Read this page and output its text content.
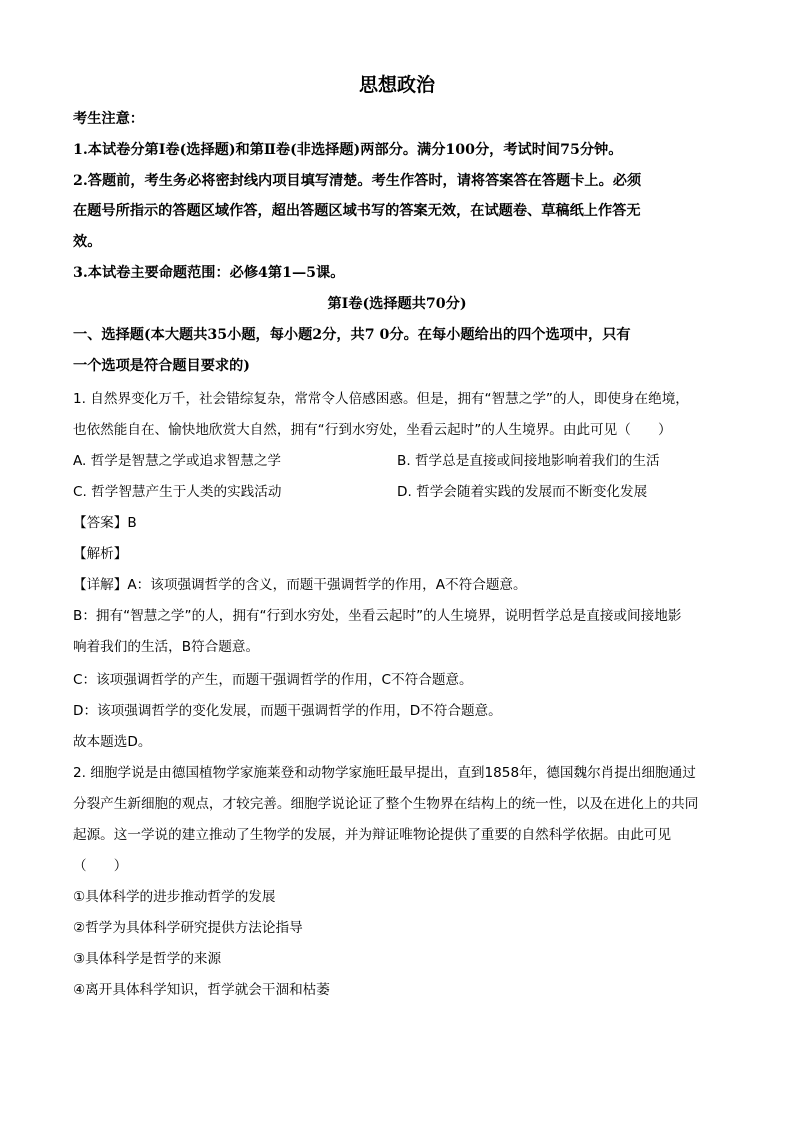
思想政治
考生注意：
1.本试卷分第Ⅰ卷(选择题)和第Ⅱ卷(非选择题)两部分。满分100分，考试时间75分钟。
2.答题前，考生务必将密封线内项目填写清楚。考生作答时，请将答案答在答题卡上。必须
在题号所指示的答题区域作答，超出答题区域书写的答案无效，在试题卷、草稿纸上作答无
效。
3.本试卷主要命题范围：必修4第1—5课。
第Ⅰ卷(选择题共70分)
一、选择题(本大题共35小题，每小题2分，共7 0分。在每小题给出的四个选项中，只有
一个选项是符合题目要求的)
1. 自然界变化万千，社会错综复杂，常常令人倍感困惑。但是，拥有“智慧之学”的人，即使身在绝境，
也依然能自在、愉快地欣赏大自然，拥有“行到水穷处，坐看云起时”的人生境界。由此可见（　　）
A. 哲学是智慧之学或追求智慧之学	B. 哲学总是直接或间接地影响着我们的生活
C. 哲学智慧产生于人类的实践活动	D. 哲学会随着实践的发展而不断变化发展
【答案】B
【解析】
【详解】A：该项强调哲学的含义，而题干强调哲学的作用，A不符合题意。
B：拥有“智慧之学”的人，拥有“行到水穷处，坐看云起时”的人生境界，说明哲学总是直接或间接地影
响着我们的生活，B符合题意。
C：该项强调哲学的产生，而题干强调哲学的作用，C不符合题意。
D：该项强调哲学的变化发展，而题干强调哲学的作用，D不符合题意。
故本题选D。
2. 细胞学说是由德国植物学家施莱登和动物学家施旺最早提出，直到1858年，德国魏尔肖提出细胞通过
分裂产生新细胞的观点，才较完善。细胞学说论证了整个生物界在结构上的统一性，以及在进化上的共同
起源。这一学说的建立推动了生物学的发展，并为辩证唯物论提供了重要的自然科学依据。由此可见
（　　）
①具体科学的进步推动哲学的发展
②哲学为具体科学研究提供方法论指导
③具体科学是哲学的来源
④离开具体科学知识，哲学就会干涸和枯萎
